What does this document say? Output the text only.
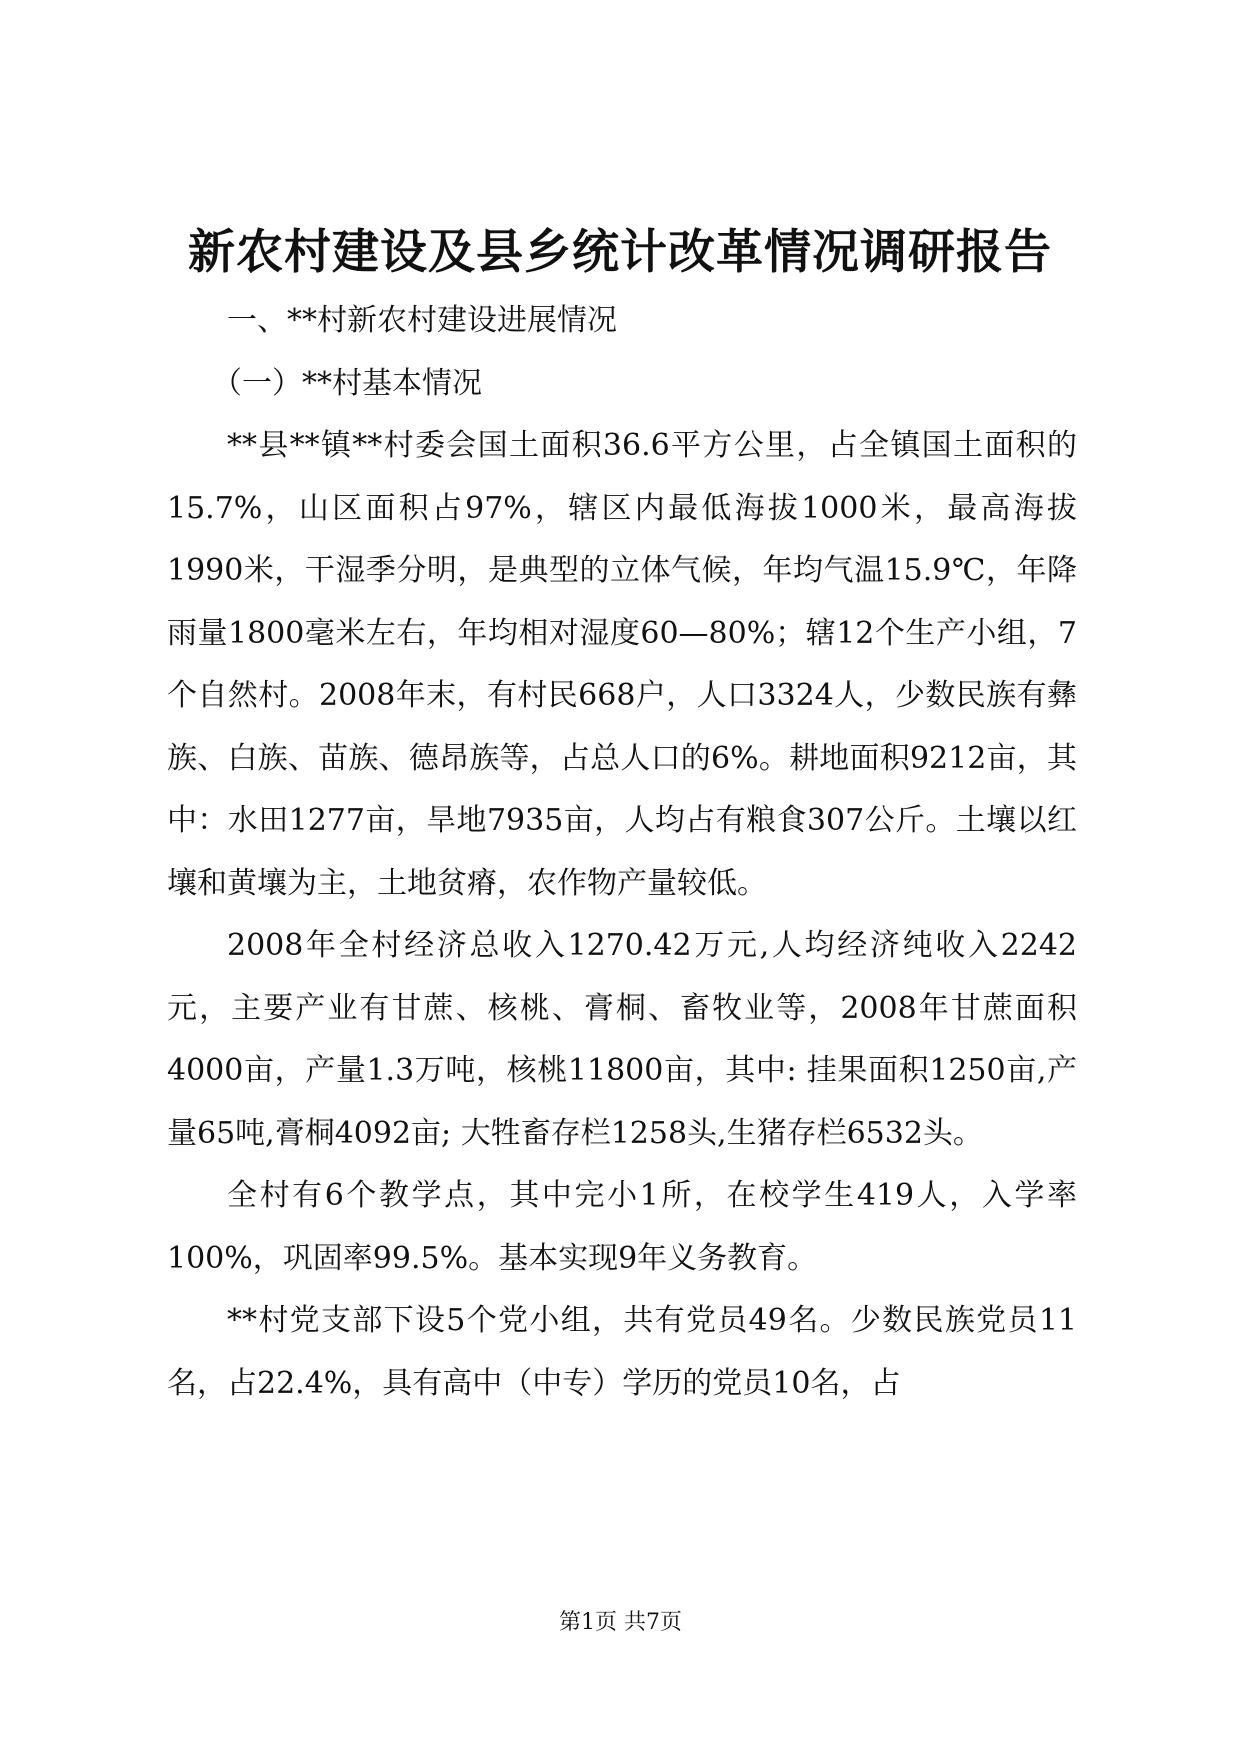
新农村建设及县乡统计改革情况调研报告

一、**村新农村建设进展情况

（一）**村基本情况

**县**镇**村委会国土面积36.6平方公里，占全镇国土面积的15.7%，山区面积占97%，辖区内最低海拔1000米，最高海拔1990米，干湿季分明，是典型的立体气候，年均气温15.9℃，年降雨量1800毫米左右，年均相对湿度60—80%；辖12个生产小组，7个自然村。2008年末，有村民668户，人口3324人，少数民族有彝族、白族、苗族、德昂族等，占总人口的6%。耕地面积9212亩，其中：水田1277亩，旱地7935亩，人均占有粮食307公斤。土壤以红壤和黄壤为主，土地贫瘠，农作物产量较低。

2008年全村经济总收入1270.42万元,人均经济纯收入2242元，主要产业有甘蔗、核桃、膏桐、畜牧业等，2008年甘蔗面积4000亩，产量1.3万吨，核桃11800亩，其中: 挂果面积1250亩,产量65吨,膏桐4092亩; 大牲畜存栏1258头,生猪存栏6532头。

全村有6个教学点，其中完小1所，在校学生419人，入学率100%，巩固率99.5%。基本实现9年义务教育。

**村党支部下设5个党小组，共有党员49名。少数民族党员11名，占22.4%，具有高中（中专）学历的党员10名，占

第1页 共7页
